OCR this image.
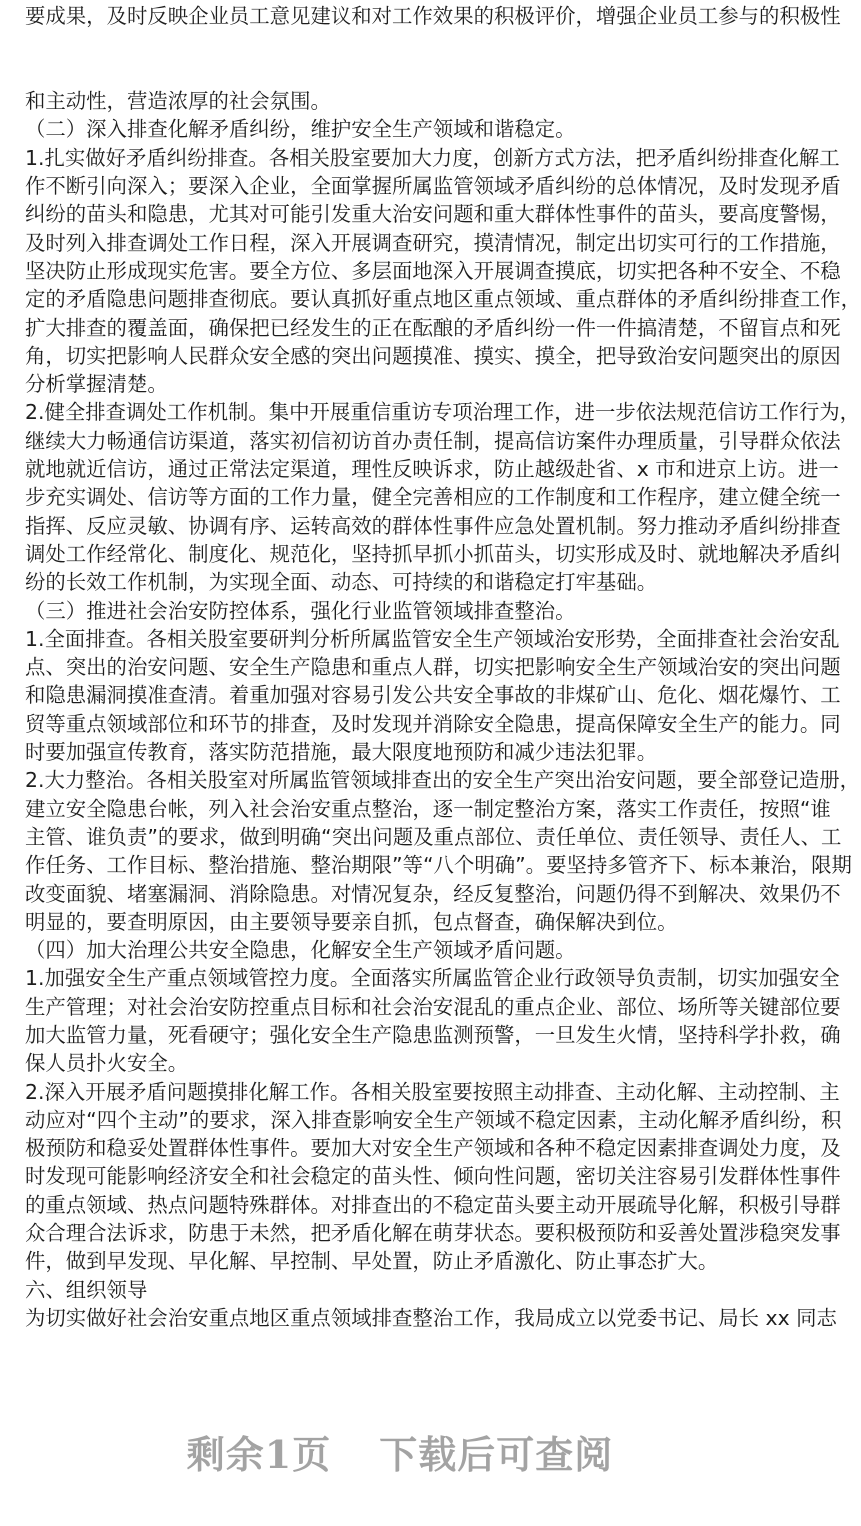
要成果，及时反映企业员工意见建议和对工作效果的积极评价，增强企业员工参与的积极性
和主动性，营造浓厚的社会氛围。
（二）深入排查化解矛盾纠纷，维护安全生产领域和谐稳定。
1.扎实做好矛盾纠纷排查。各相关股室要加大力度，创新方式方法，把矛盾纠纷排查化解工
作不断引向深入；要深入企业，全面掌握所属监管领域矛盾纠纷的总体情况，及时发现矛盾
纠纷的苗头和隐患，尤其对可能引发重大治安问题和重大群体性事件的苗头，要高度警惕，
及时列入排查调处工作日程，深入开展调查研究，摸清情况，制定出切实可行的工作措施，
坚决防止形成现实危害。要全方位、多层面地深入开展调查摸底，切实把各种不安全、不稳
定的矛盾隐患问题排查彻底。要认真抓好重点地区重点领域、重点群体的矛盾纠纷排查工作，
扩大排查的覆盖面，确保把已经发生的正在酝酿的矛盾纠纷一件一件搞清楚，不留盲点和死
角，切实把影响人民群众安全感的突出问题摸准、摸实、摸全，把导致治安问题突出的原因
分析掌握清楚。
2.健全排查调处工作机制。集中开展重信重访专项治理工作，进一步依法规范信访工作行为，
继续大力畅通信访渠道，落实初信初访首办责任制，提高信访案件办理质量，引导群众依法
就地就近信访，通过正常法定渠道，理性反映诉求，防止越级赴省、x 市和进京上访。进一
步充实调处、信访等方面的工作力量，健全完善相应的工作制度和工作程序，建立健全统一
指挥、反应灵敏、协调有序、运转高效的群体性事件应急处置机制。努力推动矛盾纠纷排查
调处工作经常化、制度化、规范化，坚持抓早抓小抓苗头，切实形成及时、就地解决矛盾纠
纷的长效工作机制，为实现全面、动态、可持续的和谐稳定打牢基础。
（三）推进社会治安防控体系，强化行业监管领域排查整治。
1.全面排查。各相关股室要研判分析所属监管安全生产领域治安形势，全面排查社会治安乱
点、突出的治安问题、安全生产隐患和重点人群，切实把影响安全生产领域治安的突出问题
和隐患漏洞摸准查清。着重加强对容易引发公共安全事故的非煤矿山、危化、烟花爆竹、工
贸等重点领域部位和环节的排查，及时发现并消除安全隐患，提高保障安全生产的能力。同
时要加强宣传教育，落实防范措施，最大限度地预防和减少违法犯罪。
2.大力整治。各相关股室对所属监管领域排查出的安全生产突出治安问题，要全部登记造册，
建立安全隐患台帐，列入社会治安重点整治，逐一制定整治方案，落实工作责任，按照“谁
主管、谁负责”的要求，做到明确“突出问题及重点部位、责任单位、责任领导、责任人、工
作任务、工作目标、整治措施、整治期限”等“八个明确”。要坚持多管齐下、标本兼治，限期
改变面貌、堵塞漏洞、消除隐患。对情况复杂，经反复整治，问题仍得不到解决、效果仍不
明显的，要查明原因，由主要领导要亲自抓，包点督查，确保解决到位。
（四）加大治理公共安全隐患，化解安全生产领域矛盾问题。
1.加强安全生产重点领域管控力度。全面落实所属监管企业行政领导负责制，切实加强安全
生产管理；对社会治安防控重点目标和社会治安混乱的重点企业、部位、场所等关键部位要
加大监管力量，死看硬守；强化安全生产隐患监测预警，一旦发生火情，坚持科学扑救，确
保人员扑火安全。
2.深入开展矛盾问题摸排化解工作。各相关股室要按照主动排查、主动化解、主动控制、主
动应对“四个主动”的要求，深入排查影响安全生产领域不稳定因素，主动化解矛盾纠纷，积
极预防和稳妥处置群体性事件。要加大对安全生产领域和各种不稳定因素排查调处力度，及
时发现可能影响经济安全和社会稳定的苗头性、倾向性问题，密切关注容易引发群体性事件
的重点领域、热点问题特殊群体。对排查出的不稳定苗头要主动开展疏导化解，积极引导群
众合理合法诉求，防患于未然，把矛盾化解在萌芽状态。要积极预防和妥善处置涉稳突发事
件，做到早发现、早化解、早控制、早处置，防止矛盾激化、防止事态扩大。
六、组织领导
为切实做好社会治安重点地区重点领域排查整治工作，我局成立以党委书记、局长 xx 同志
剩余1页 下载后可查阅
